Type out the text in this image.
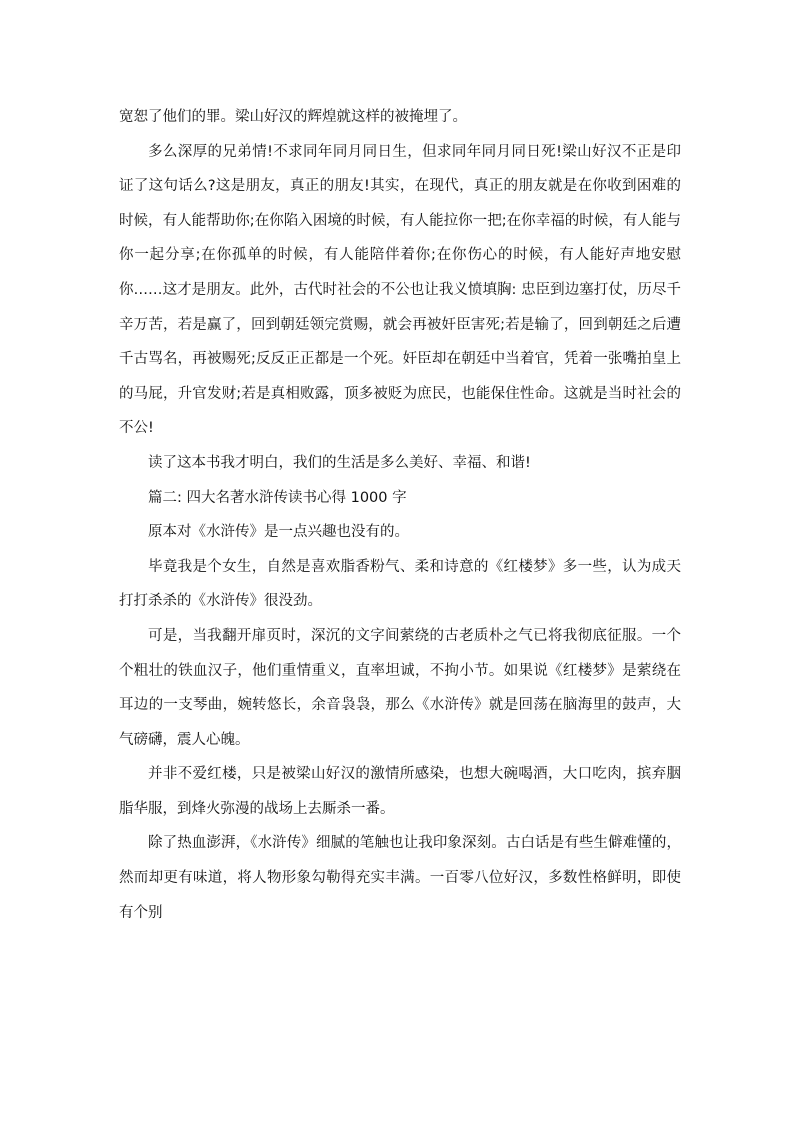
宽恕了他们的罪。梁山好汉的辉煌就这样的被掩埋了。

多么深厚的兄弟情!不求同年同月同日生，但求同年同月同日死!梁山好汉不正是印证了这句话么?这是朋友，真正的朋友!其实，在现代，真正的朋友就是在你收到困难的时候，有人能帮助你;在你陷入困境的时候，有人能拉你一把;在你幸福的时候，有人能与你一起分享;在你孤单的时候，有人能陪伴着你;在你伤心的时候，有人能好声地安慰你……这才是朋友。此外，古代时社会的不公也让我义愤填胸: 忠臣到边塞打仗，历尽千辛万苦，若是赢了，回到朝廷领完赏赐，就会再被奸臣害死;若是输了，回到朝廷之后遭千古骂名，再被赐死;反反正正都是一个死。奸臣却在朝廷中当着官，凭着一张嘴拍皇上的马屁，升官发财;若是真相败露，顶多被贬为庶民，也能保住性命。这就是当时社会的不公!

读了这本书我才明白，我们的生活是多么美好、幸福、和谐!

篇二: 四大名著水浒传读书心得 1000 字

原本对《水浒传》是一点兴趣也没有的。

毕竟我是个女生，自然是喜欢脂香粉气、柔和诗意的《红楼梦》多一些，认为成天打打杀杀的《水浒传》很没劲。

可是，当我翻开扉页时，深沉的文字间萦绕的古老质朴之气已将我彻底征服。一个个粗壮的铁血汉子，他们重情重义，直率坦诚，不拘小节。如果说《红楼梦》是萦绕在耳边的一支琴曲，婉转悠长，余音袅袅，那么《水浒传》就是回荡在脑海里的鼓声，大气磅礴，震人心魄。

并非不爱红楼，只是被梁山好汉的激情所感染，也想大碗喝酒，大口吃肉，摈弃胭脂华服，到烽火弥漫的战场上去厮杀一番。

除了热血澎湃，《水浒传》细腻的笔触也让我印象深刻。古白话是有些生僻难懂的，然而却更有味道，将人物形象勾勒得充实丰满。一百零八位好汉，多数性格鲜明，即使有个别
